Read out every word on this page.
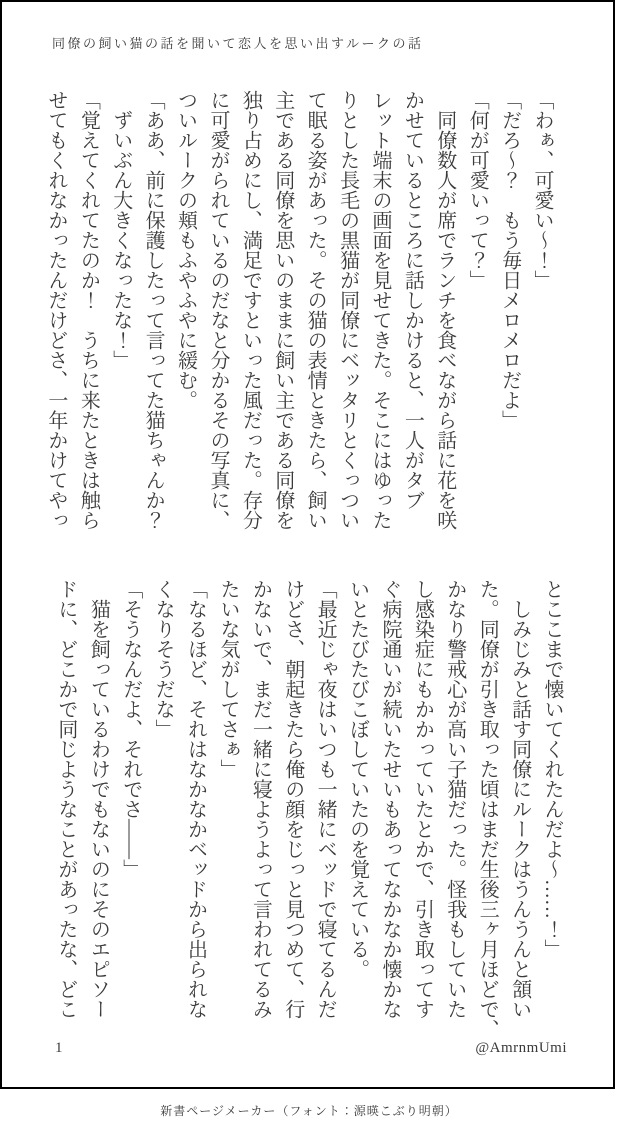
同僚の飼い猫の話を聞いて恋人を思い出すルークの話

「わぁ、可愛い〜！」

「だろ〜？　もう毎日メロメロだよ」

「何が可愛いって？」

　同僚数人が席でランチを食べながら話に花を咲

かせているところに話しかけると、一人がタブ

レット端末の画面を見せてきた。そこにはゆった

りとした長毛の黒猫が同僚にベッタリとくっつい

て眠る姿があった。その猫の表情ときたら、飼い

主である同僚を思いのままに飼い主である同僚を

独り占めにし、満足ですといった風だった。存分

に可愛がられているのだなと分かるその写真に、

ついルークの頬もふやふやに緩む。

「ああ、前に保護したって言ってた猫ちゃんか？

　ずいぶん大きくなったな！」

「覚えてくれてたのか！　うちに来たときは触ら

せてもくれなかったんだけどさ、一年かけてやっ

とここまで懐いてくれたんだよ〜……！」

　しみじみと話す同僚にルークはうんうんと頷い

た。同僚が引き取った頃はまだ生後三ヶ月ほどで、

かなり警戒心が高い子猫だった。怪我もしていた

し感染症にもかかっていたとかで、引き取ってす

ぐ病院通いが続いたせいもあってなかなか懐かな

いとたびたびこぼしていたのを覚えている。

「最近じゃ夜はいつも一緒にベッドで寝てるんだ

けどさ、朝起きたら俺の顔をじっと見つめて、行

かないで、まだ一緒に寝ようよって言われてるみ

たいな気がしてさぁ」

「なるほど、それはなかなかベッドから出られな

くなりそうだな」

「そうなんだよ、それでさ――」

　猫を飼っているわけでもないのにそのエピソー

ドに、どこかで同じようなことがあったな、どこ

1	@AmrnmUmi
新書ページメーカー（フォント：源暎こぶり明朝）
